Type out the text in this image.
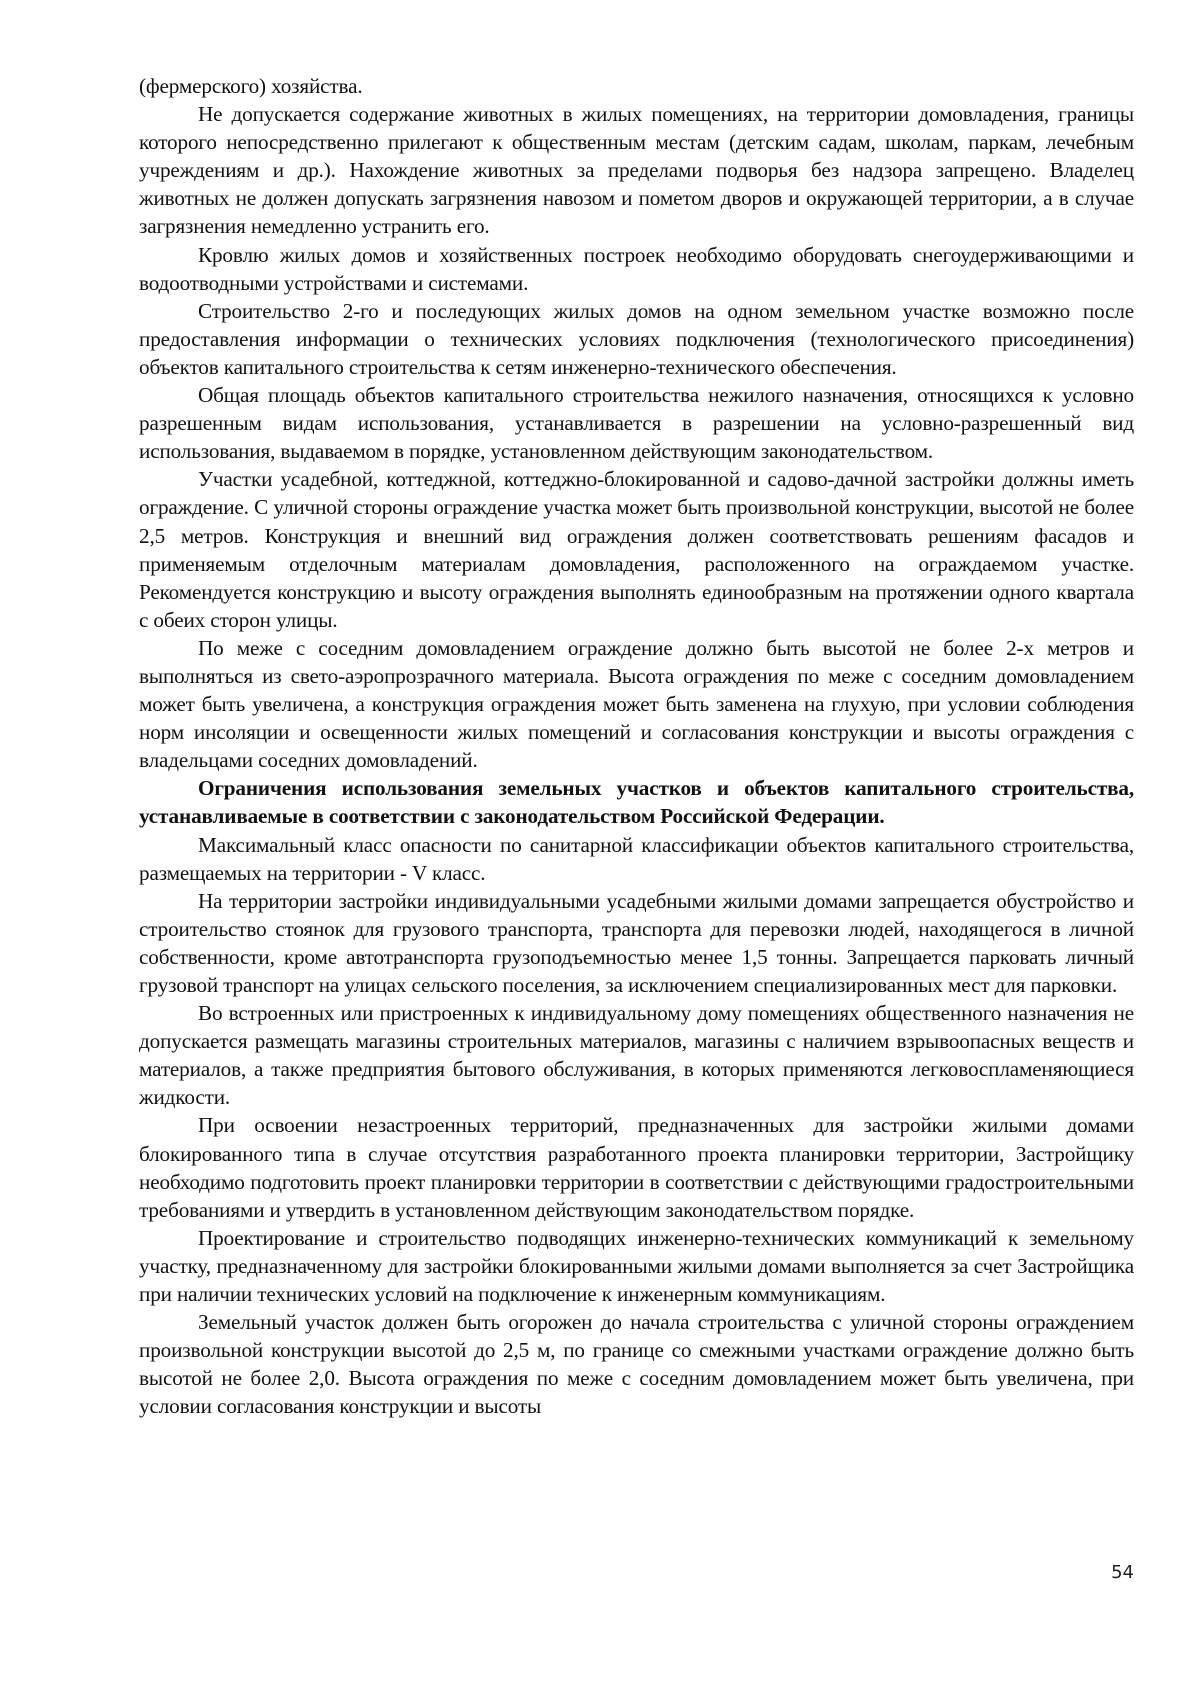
(фермерского) хозяйства.

Не допускается содержание животных в жилых помещениях, на территории домовладения, границы которого непосредственно прилегают к общественным местам (детским садам, школам, паркам, лечебным учреждениям и др.). Нахождение животных за пределами подворья без надзора запрещено. Владелец животных не должен допускать загрязнения навозом и пометом дворов и окружающей территории, а в случае загрязнения немедленно устранить его.

Кровлю жилых домов и хозяйственных построек необходимо оборудовать снегоудерживающими и водоотводными устройствами и системами.

Строительство 2-го и последующих жилых домов на одном земельном участке возможно после предоставления информации о технических условиях подключения (технологического присоединения) объектов капитального строительства к сетям инженерно-технического обеспечения.

Общая площадь объектов капитального строительства нежилого назначения, относящихся к условно разрешенным видам использования, устанавливается в разрешении на условно-разрешенный вид использования, выдаваемом в порядке, установленном действующим законодательством.

Участки усадебной, коттеджной, коттеджно-блокированной и садово-дачной застройки должны иметь ограждение. С уличной стороны ограждение участка может быть произвольной конструкции, высотой не более 2,5 метров. Конструкция и внешний вид ограждения должен соответствовать решениям фасадов и применяемым отделочным материалам домовладения, расположенного на ограждаемом участке. Рекомендуется конструкцию и высоту ограждения выполнять единообразным на протяжении одного квартала с обеих сторон улицы.

По меже с соседним домовладением ограждение должно быть высотой не более 2-х метров и выполняться из свето-аэропрозрачного материала. Высота ограждения по меже с соседним домовладением может быть увеличена, а конструкция ограждения может быть заменена на глухую, при условии соблюдения норм инсоляции и освещенности жилых помещений и согласования конструкции и высоты ограждения с владельцами соседних домовладений.

Ограничения использования земельных участков и объектов капитального строительства, устанавливаемые в соответствии с законодательством Российской Федерации.

Максимальный класс опасности по санитарной классификации объектов капитального строительства, размещаемых на территории - V класс.

На территории застройки индивидуальными усадебными жилыми домами запрещается обустройство и строительство стоянок для грузового транспорта, транспорта для перевозки людей, находящегося в личной собственности, кроме автотранспорта грузоподъемностью менее 1,5 тонны. Запрещается парковать личный грузовой транспорт на улицах сельского поселения, за исключением специализированных мест для парковки.

Во встроенных или пристроенных к индивидуальному дому помещениях общественного назначения не допускается размещать магазины строительных материалов, магазины с наличием взрывоопасных веществ и материалов, а также предприятия бытового обслуживания, в которых применяются легковоспламеняющиеся жидкости.

При освоении незастроенных территорий, предназначенных для застройки жилыми домами блокированного типа в случае отсутствия разработанного проекта планировки территории, Застройщику необходимо подготовить проект планировки территории в соответствии с действующими градостроительными требованиями и утвердить в установленном действующим законодательством порядке.

Проектирование и строительство подводящих инженерно-технических коммуникаций к земельному участку, предназначенному для застройки блокированными жилыми домами выполняется за счет Застройщика при наличии технических условий на подключение к инженерным коммуникациям.

Земельный участок должен быть огорожен до начала строительства с уличной стороны ограждением произвольной конструкции высотой до 2,5 м, по границе со смежными участками ограждение должно быть высотой не более 2,0. Высота ограждения по меже с соседним домовладением может быть увеличена, при условии согласования конструкции и высоты

54
